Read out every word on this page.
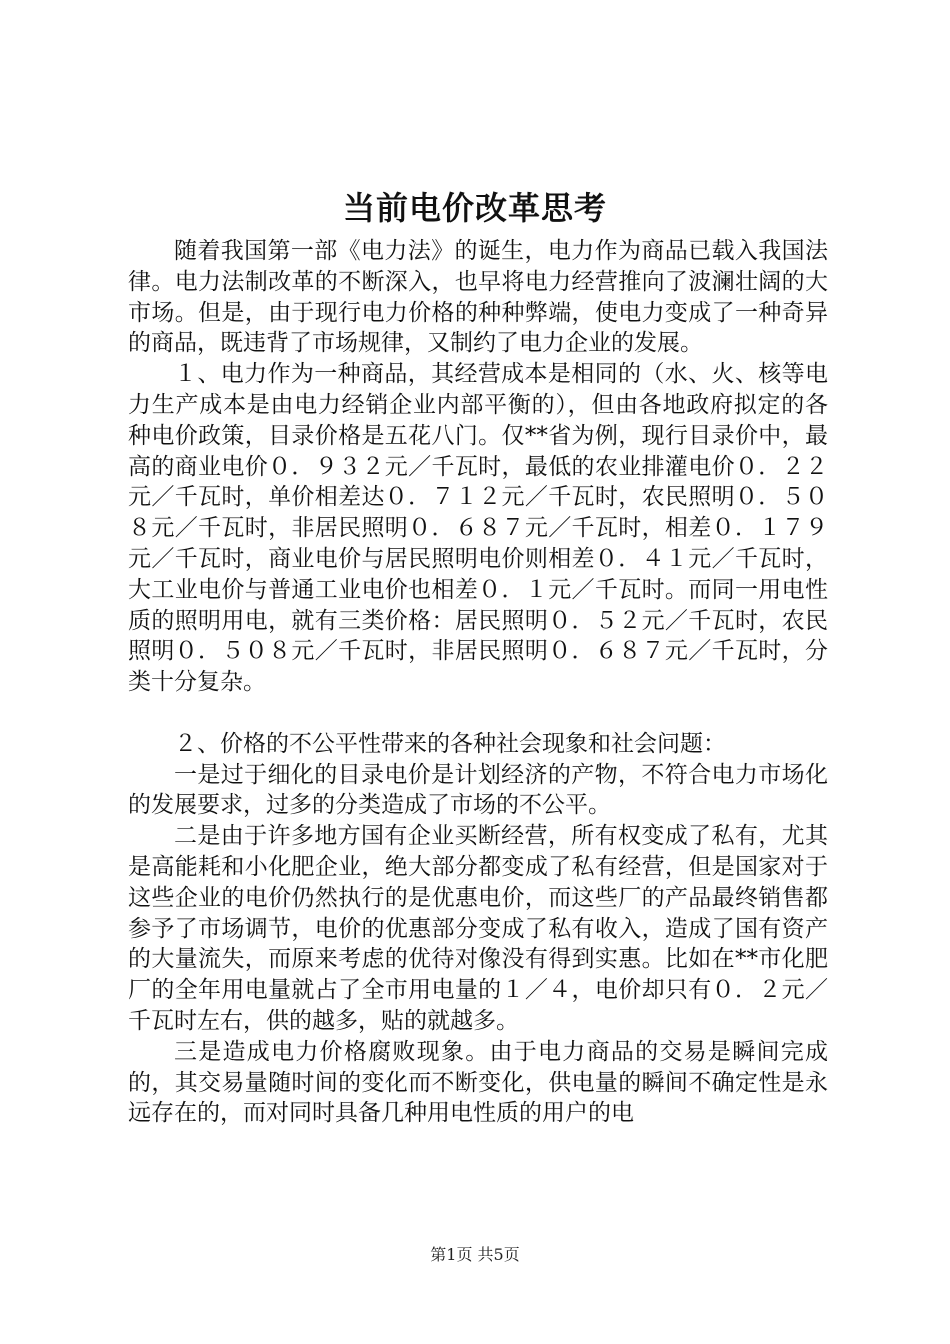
当前电价改革思考

随着我国第一部《电力法》的诞生，电力作为商品已载入我国法律。电力法制改革的不断深入，也早将电力经营推向了波澜壮阔的大市场。但是，由于现行电力价格的种种弊端，使电力变成了一种奇异的商品，既违背了市场规律，又制约了电力企业的发展。

１、电力作为一种商品，其经营成本是相同的（水、火、核等电力生产成本是由电力经销企业内部平衡的），但由各地政府拟定的各种电价政策，目录价格是五花八门。仅**省为例，现行目录价中，最高的商业电价０．９３２元／千瓦时，最低的农业排灌电价０．２２元／千瓦时，单价相差达０．７１２元／千瓦时，农民照明０．５０８元／千瓦时，非居民照明０．６８７元／千瓦时，相差０．１７９元／千瓦时，商业电价与居民照明电价则相差０．４１元／千瓦时，大工业电价与普通工业电价也相差０．１元／千瓦时。而同一用电性质的照明用电，就有三类价格：居民照明０．５２元／千瓦时，农民照明０．５０８元／千瓦时，非居民照明０．６８７元／千瓦时，分类十分复杂。

２、价格的不公平性带来的各种社会现象和社会问题：

一是过于细化的目录电价是计划经济的产物，不符合电力市场化的发展要求，过多的分类造成了市场的不公平。

二是由于许多地方国有企业买断经营，所有权变成了私有，尤其是高能耗和小化肥企业，绝大部分都变成了私有经营，但是国家对于这些企业的电价仍然执行的是优惠电价，而这些厂的产品最终销售都参予了市场调节，电价的优惠部分变成了私有收入，造成了国有资产的大量流失，而原来考虑的优待对像没有得到实惠。比如在**市化肥厂的全年用电量就占了全市用电量的１／４，电价却只有０．２元／千瓦时左右，供的越多，贴的就越多。

三是造成电力价格腐败现象。由于电力商品的交易是瞬间完成的，其交易量随时间的变化而不断变化，供电量的瞬间不确定性是永远存在的，而对同时具备几种用电性质的用户的电

第1页 共5页
